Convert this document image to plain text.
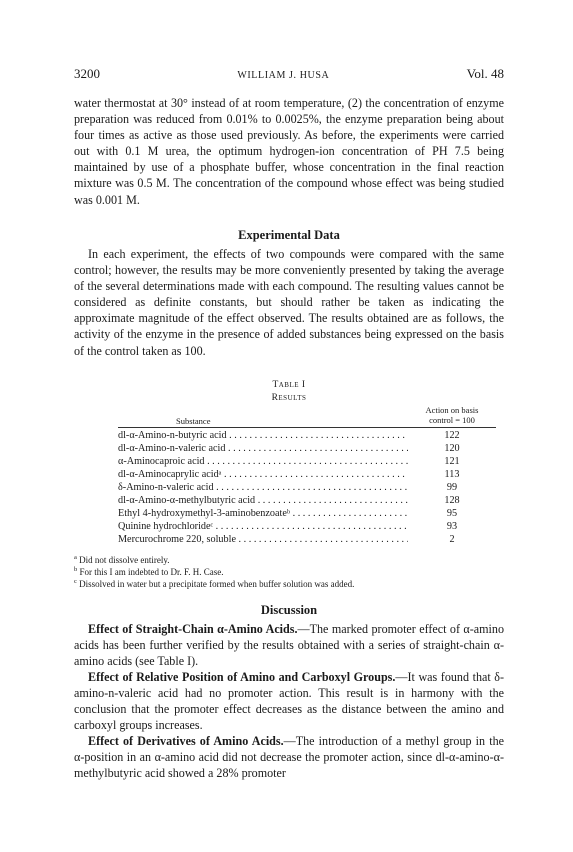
3200	WILLIAM J. HUSA	Vol. 48

water thermostat at 30° instead of at room temperature, (2) the concentration of enzyme preparation was reduced from 0.01% to 0.0025%, the enzyme preparation being about four times as active as those used previously. As before, the experiments were carried out with 0.1 M urea, the optimum hydrogen-ion concentration of PH 7.5 being maintained by use of a phosphate buffer, whose concentration in the final reaction mixture was 0.5 M. The concentration of the compound whose effect was being studied was 0.001 M.

Experimental Data

In each experiment, the effects of two compounds were compared with the same control; however, the results may be more conveniently presented by taking the average of the several determinations made with each compound. The resulting values cannot be considered as definite constants, but should rather be taken as indicating the approximate magnitude of the effect observed. The results obtained are as follows, the activity of the enzyme in the presence of added substances being expressed on the basis of the control taken as 100.

Table I
Results
Substance
Action on basis
control = 100
dl-α-Amino-n-butyric acid . . .	122
dl-α-Amino-n-valeric acid . . .	120
α-Aminocaproic acid . . .	121
dl-α-Aminocaprylic acidᵃ . . .	113
δ-Amino-n-valeric acid . . .	99
dl-α-Amino-α-methylbutyric acid . . .	128
Ethyl 4-hydroxymethyl-3-aminobenzoateᵇ . . .	95
Quinine hydrochlorideᶜ . . .	93
Mercurochrome 220, soluble . . .	2
$^a$ Did not dissolve entirely.
$^b$ For this I am indebted to Dr. F. H. Case.
$^c$ Dissolved in water but a precipitate formed when buffer solution was added.
Discussion

Effect of Straight-Chain α-Amino Acids.—The marked promoter effect of α-amino acids has been further verified by the results obtained with a series of straight-chain α-amino acids (see Table I).

Effect of Relative Position of Amino and Carboxyl Groups.—It was found that δ-amino-n-valeric acid had no promoter action. This result is in harmony with the conclusion that the promoter effect decreases as the distance between the amino and carboxyl groups increases.

Effect of Derivatives of Amino Acids.—The introduction of a methyl group in the α-position in an α-amino acid did not decrease the promoter action, since dl-α-amino-α-methylbutyric acid showed a 28% promoter
